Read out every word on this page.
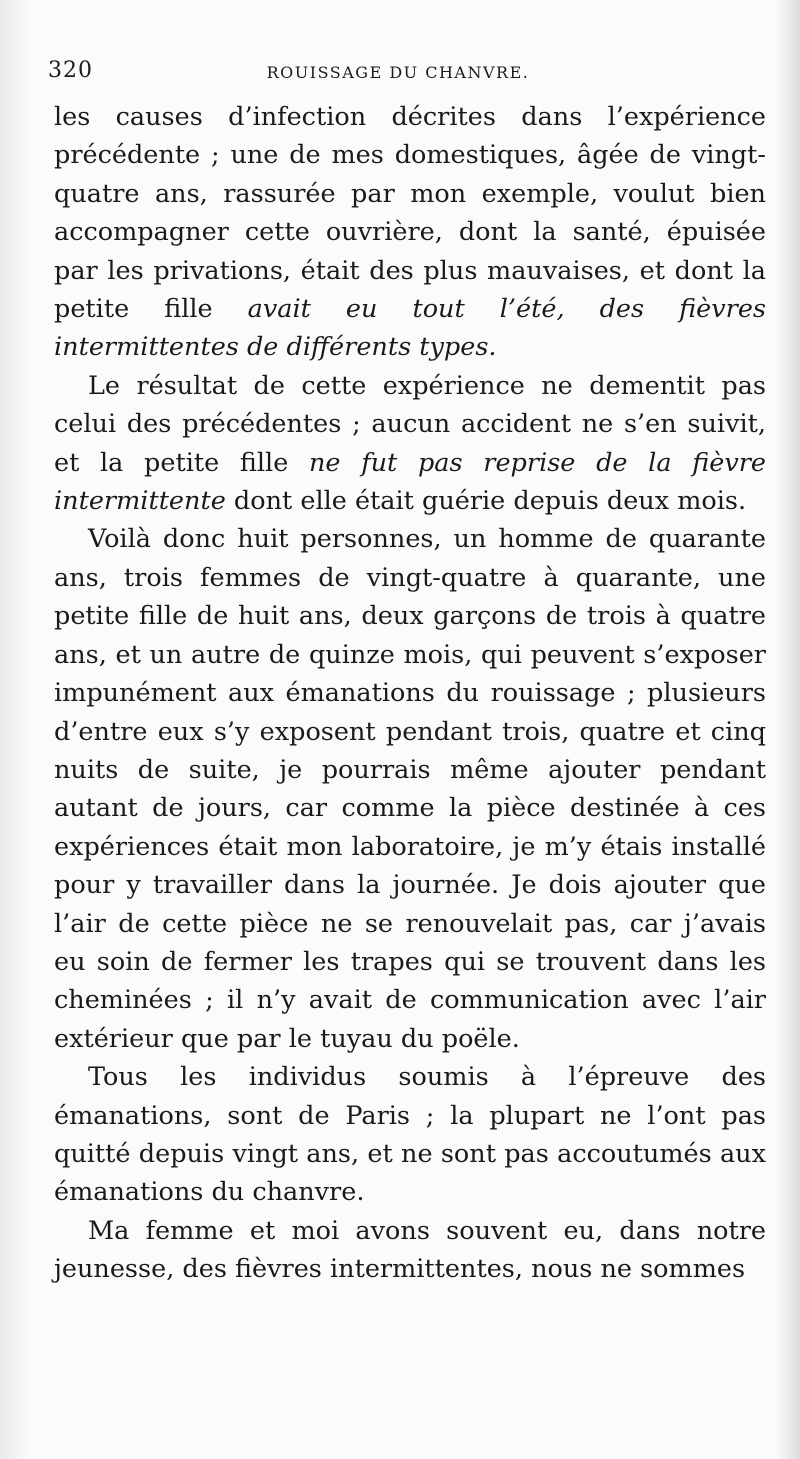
320	ROUISSAGE DU CHANVRE.

les causes d’infection décrites dans l’expérience précédente ; une de mes domestiques, âgée de vingt-quatre ans, rassurée par mon exemple, voulut bien accompagner cette ouvrière, dont la santé, épuisée par les privations, était des plus mauvaises, et dont la petite fille avait eu tout l’été, des fièvres intermittentes de différents types.

Le résultat de cette expérience ne dementit pas celui des précédentes ; aucun accident ne s’en suivit, et la petite fille ne fut pas reprise de la fièvre intermittente dont elle était guérie depuis deux mois.

Voilà donc huit personnes, un homme de quarante ans, trois femmes de vingt-quatre à quarante, une petite fille de huit ans, deux garçons de trois à quatre ans, et un autre de quinze mois, qui peuvent s’exposer impunément aux émanations du rouissage ; plusieurs d’entre eux s’y exposent pendant trois, quatre et cinq nuits de suite, je pourrais même ajouter pendant autant de jours, car comme la pièce destinée à ces expériences était mon laboratoire, je m’y étais installé pour y travailler dans la journée. Je dois ajouter que l’air de cette pièce ne se renouvelait pas, car j’avais eu soin de fermer les trapes qui se trouvent dans les cheminées ; il n’y avait de communication avec l’air extérieur que par le tuyau du poële.

Tous les individus soumis à l’épreuve des émanations, sont de Paris ; la plupart ne l’ont pas quitté depuis vingt ans, et ne sont pas accoutumés aux émanations du chanvre.

Ma femme et moi avons souvent eu, dans notre jeunesse, des fièvres intermittentes, nous ne sommes
